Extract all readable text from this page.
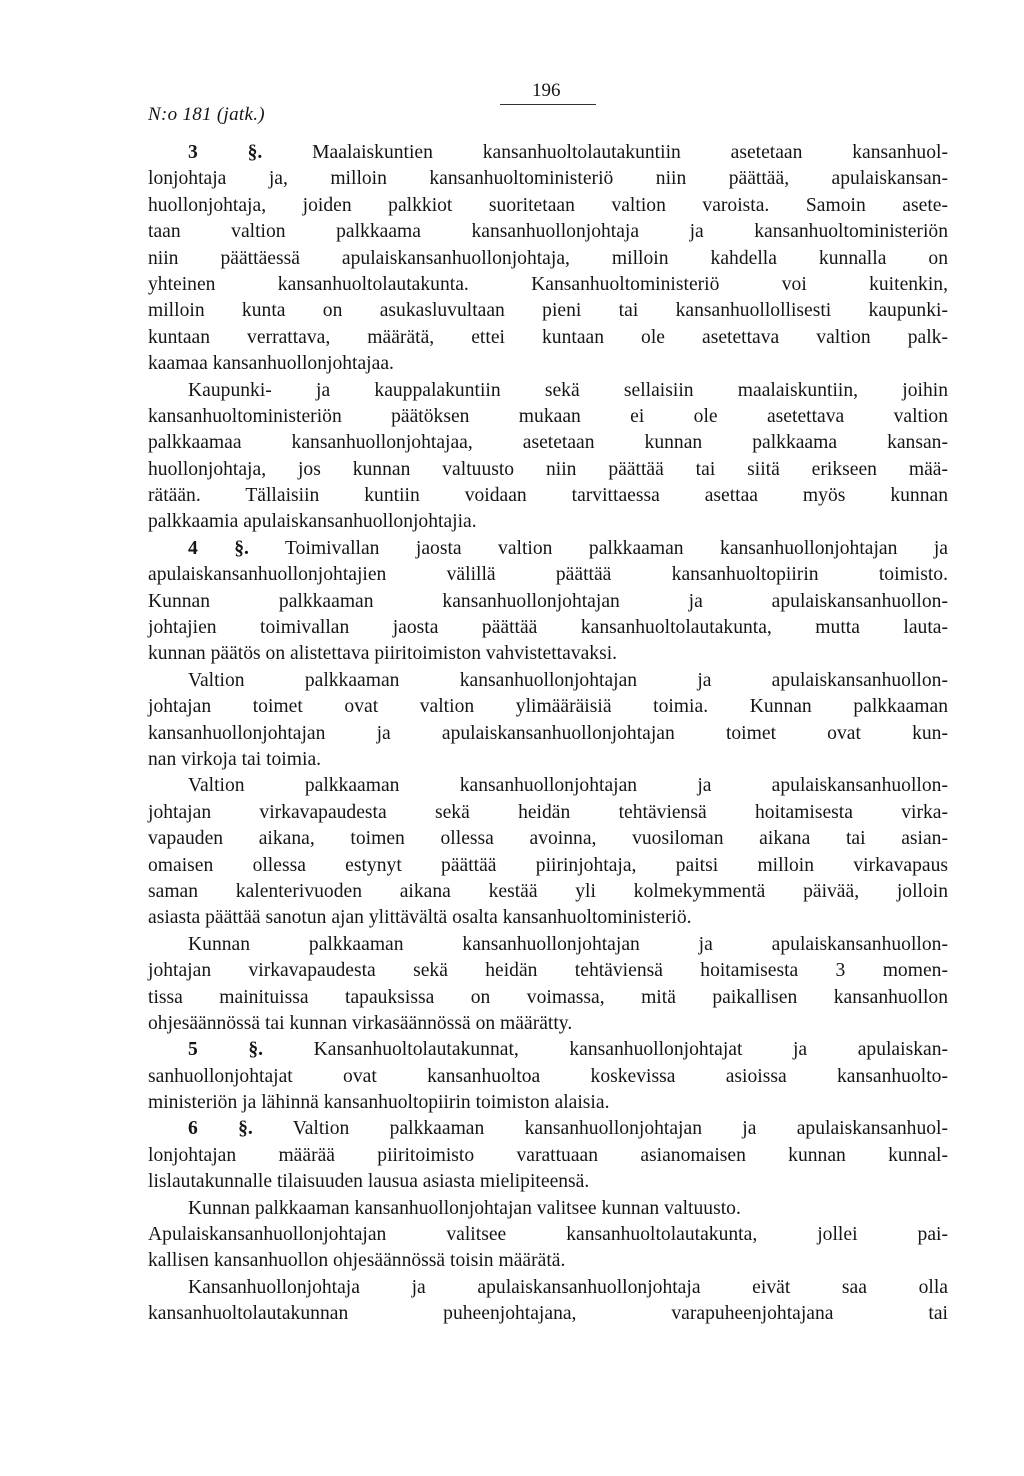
N:o 181 (jatk.)
196
3 §. Maalaiskuntien kansanhuoltolautakuntiin asetetaan kansanhuol-
lonjohtaja ja, milloin kansanhuoltoministeriö niin päättää, apulaiskansan-
huollonjohtaja, joiden palkkiot suoritetaan valtion varoista. Samoin asete-
taan valtion palkkaama kansanhuollonjohtaja ja kansanhuoltoministeriön
niin päättäessä apulaiskansanhuollonjohtaja, milloin kahdella kunnalla on
yhteinen kansanhuoltolautakunta. Kansanhuoltoministeriö voi kuitenkin,
milloin kunta on asukasluvultaan pieni tai kansanhuollollisesti kaupunki-
kuntaan verrattava, määrätä, ettei kuntaan ole asetettava valtion palk-
kaamaa kansanhuollonjohtajaa.
Kaupunki- ja kauppalakuntiin sekä sellaisiin maalaiskuntiin, joihin
kansanhuoltoministeriön päätöksen mukaan ei ole asetettava valtion
palkkaamaa kansanhuollonjohtajaa, asetetaan kunnan palkkaama kansan-
huollonjohtaja, jos kunnan valtuusto niin päättää tai siitä erikseen mää-
rätään. Tällaisiin kuntiin voidaan tarvittaessa asettaa myös kunnan
palkkaamia apulaiskansanhuollonjohtajia.
4 §. Toimivallan jaosta valtion palkkaaman kansanhuollonjohtajan ja
apulaiskansanhuollonjohtajien välillä päättää kansanhuoltopiirin toimisto.
Kunnan palkkaaman kansanhuollonjohtajan ja apulaiskansanhuollon-
johtajien toimivallan jaosta päättää kansanhuoltolautakunta, mutta lauta-
kunnan päätös on alistettava piiritoimiston vahvistettavaksi.
Valtion palkkaaman kansanhuollonjohtajan ja apulaiskansanhuollon-
johtajan toimet ovat valtion ylimääräisiä toimia. Kunnan palkkaaman
kansanhuollonjohtajan ja apulaiskansanhuollonjohtajan toimet ovat kun-
nan virkoja tai toimia.
Valtion palkkaaman kansanhuollonjohtajan ja apulaiskansanhuollon-
johtajan virkavapaudesta sekä heidän tehtäviensä hoitamisesta virka-
vapauden aikana, toimen ollessa avoinna, vuosiloman aikana tai asian-
omaisen ollessa estynyt päättää piirinjohtaja, paitsi milloin virkavapaus
saman kalenterivuoden aikana kestää yli kolmekymmentä päivää, jolloin
asiasta päättää sanotun ajan ylittävältä osalta kansanhuoltoministeriö.
Kunnan palkkaaman kansanhuollonjohtajan ja apulaiskansanhuollon-
johtajan virkavapaudesta sekä heidän tehtäviensä hoitamisesta 3 momen-
tissa mainituissa tapauksissa on voimassa, mitä paikallisen kansanhuollon
ohjesäännössä tai kunnan virkasäännössä on määrätty.
5 §. Kansanhuoltolautakunnat, kansanhuollonjohtajat ja apulaiskan-
sanhuollonjohtajat ovat kansanhuoltoa koskevissa asioissa kansanhuolto-
ministeriön ja lähinnä kansanhuoltopiirin toimiston alaisia.
6 §. Valtion palkkaaman kansanhuollonjohtajan ja apulaiskansanhuol-
lonjohtajan määrää piiritoimisto varattuaan asianomaisen kunnan kunnal-
lislautakunnalle tilaisuuden lausua asiasta mielipiteensä.
Kunnan palkkaaman kansanhuollonjohtajan valitsee kunnan valtuusto.
Apulaiskansanhuollonjohtajan valitsee kansanhuoltolautakunta, jollei pai-
kallisen kansanhuollon ohjesäännössä toisin määrätä.
Kansanhuollonjohtaja ja apulaiskansanhuollonjohtaja eivät saa olla
kansanhuoltolautakunnan puheenjohtajana, varapuheenjohtajana tai
